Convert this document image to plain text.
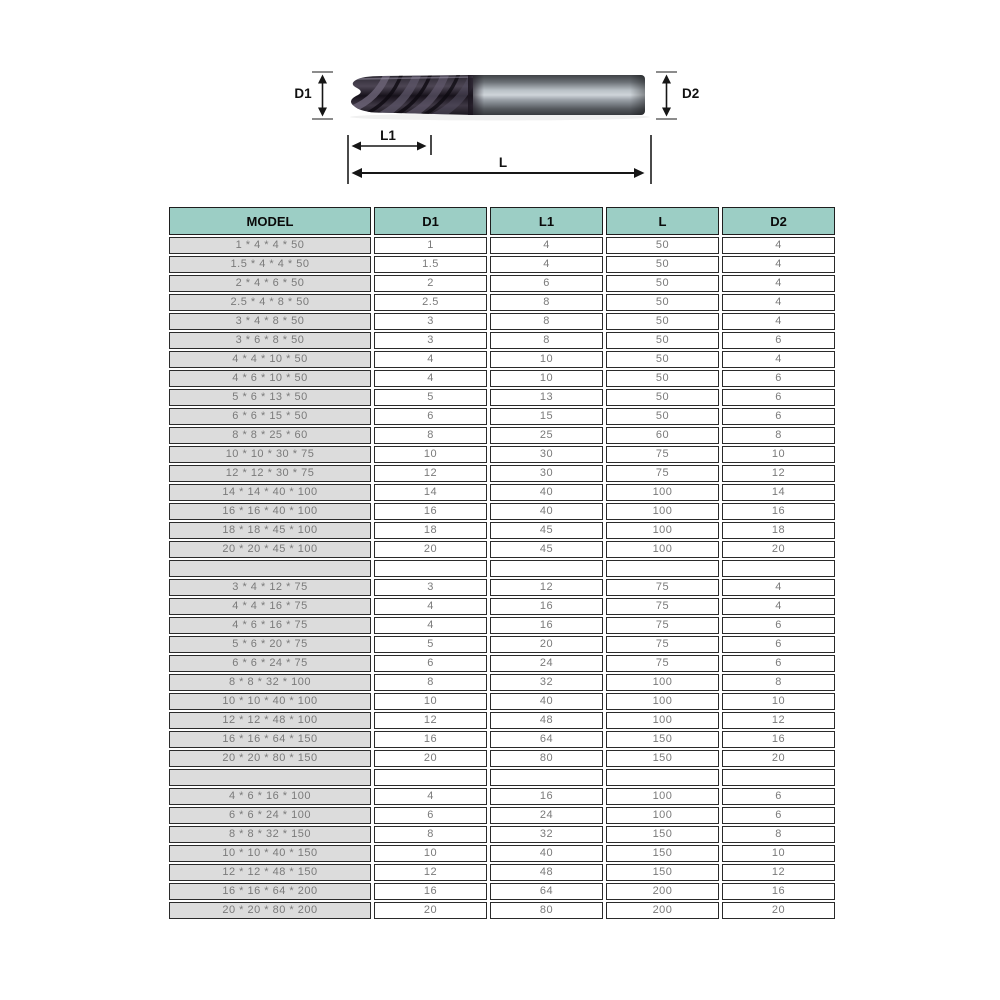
D1	D2
L1
L
MODEL	D1	L1	L	D2
1 * 4 * 4 * 50	1	4	50	4
1.5 * 4 * 4 * 50	1.5	4	50	4
2 * 4 * 6 * 50	2	6	50	4
2.5 * 4 * 8 * 50	2.5	8	50	4
3 * 4 * 8 * 50	3	8	50	4
3 * 6 * 8 * 50	3	8	50	6
4 * 4 * 10 * 50	4	10	50	4
4 * 6 * 10 * 50	4	10	50	6
5 * 6 * 13 * 50	5	13	50	6
6 * 6 * 15 * 50	6	15	50	6
8 * 8 * 25 * 60	8	25	60	8
10 * 10 * 30 * 75	10	30	75	10
12 * 12 * 30 * 75	12	30	75	12
14 * 14 * 40 * 100	14	40	100	14
16 * 16 * 40 * 100	16	40	100	16
18 * 18 * 45 * 100	18	45	100	18
20 * 20 * 45 * 100	20	45	100	20

3 * 4 * 12 * 75	3	12	75	4
4 * 4 * 16 * 75	4	16	75	4
4 * 6 * 16 * 75	4	16	75	6
5 * 6 * 20 * 75	5	20	75	6
6 * 6 * 24 * 75	6	24	75	6
8 * 8 * 32 * 100	8	32	100	8
10 * 10 * 40 * 100	10	40	100	10
12 * 12 * 48 * 100	12	48	100	12
16 * 16 * 64 * 150	16	64	150	16
20 * 20 * 80 * 150	20	80	150	20

4 * 6 * 16 * 100	4	16	100	6
6 * 6 * 24 * 100	6	24	100	6
8 * 8 * 32 * 150	8	32	150	8
10 * 10 * 40 * 150	10	40	150	10
12 * 12 * 48 * 150	12	48	150	12
16 * 16 * 64 * 200	16	64	200	16
20 * 20 * 80 * 200	20	80	200	20
